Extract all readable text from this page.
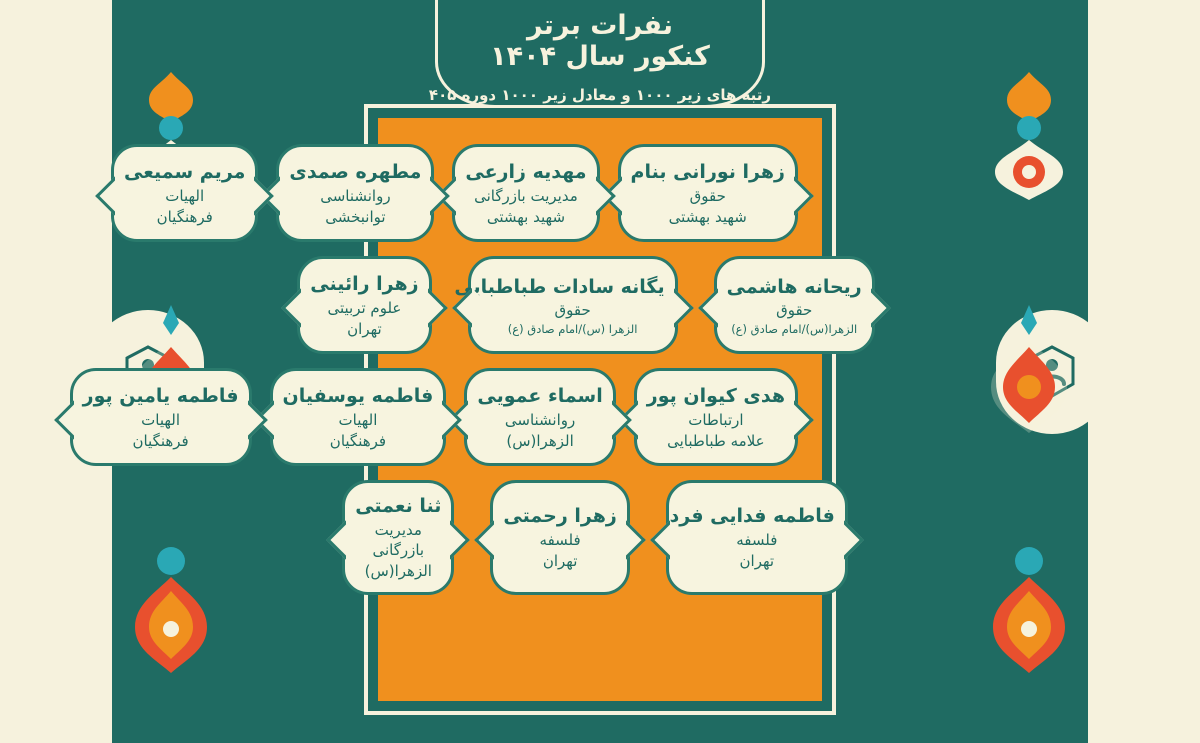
نفرات برتر
کنکور سال ۱۴۰۴
رتبه های زیر ۱۰۰۰ و معادل زیر ۱۰۰۰ دوره ۴۰۵
زهرا نورانی بنام
حقوق
شهید بهشتی
مهدیه زارعی
مدیریت بازرگانی
شهید بهشتی
مطهره صمدی
روانشناسی
توانبخشی
مریم سمیعی
الهیات
فرهنگیان
ریحانه هاشمی
حقوق
الزهرا(س)/امام صادق (ع)
یگانه سادات طباطبایی
حقوق
الزهرا (س)/امام صادق (ع)
زهرا رائینی
علوم تربیتی
تهران
هدی کیوان پور
ارتباطات
علامه طباطبایی
اسماء عمویی
روانشناسی
الزهرا(س)
فاطمه یوسفیان
الهیات
فرهنگیان
فاطمه یامین پور
الهیات
فرهنگیان
فاطمه فدایی فرد
فلسفه
تهران
زهرا رحمتی
فلسفه
تهران
ثنا نعمتی
مدیریت بازرگانی
الزهرا(س)
